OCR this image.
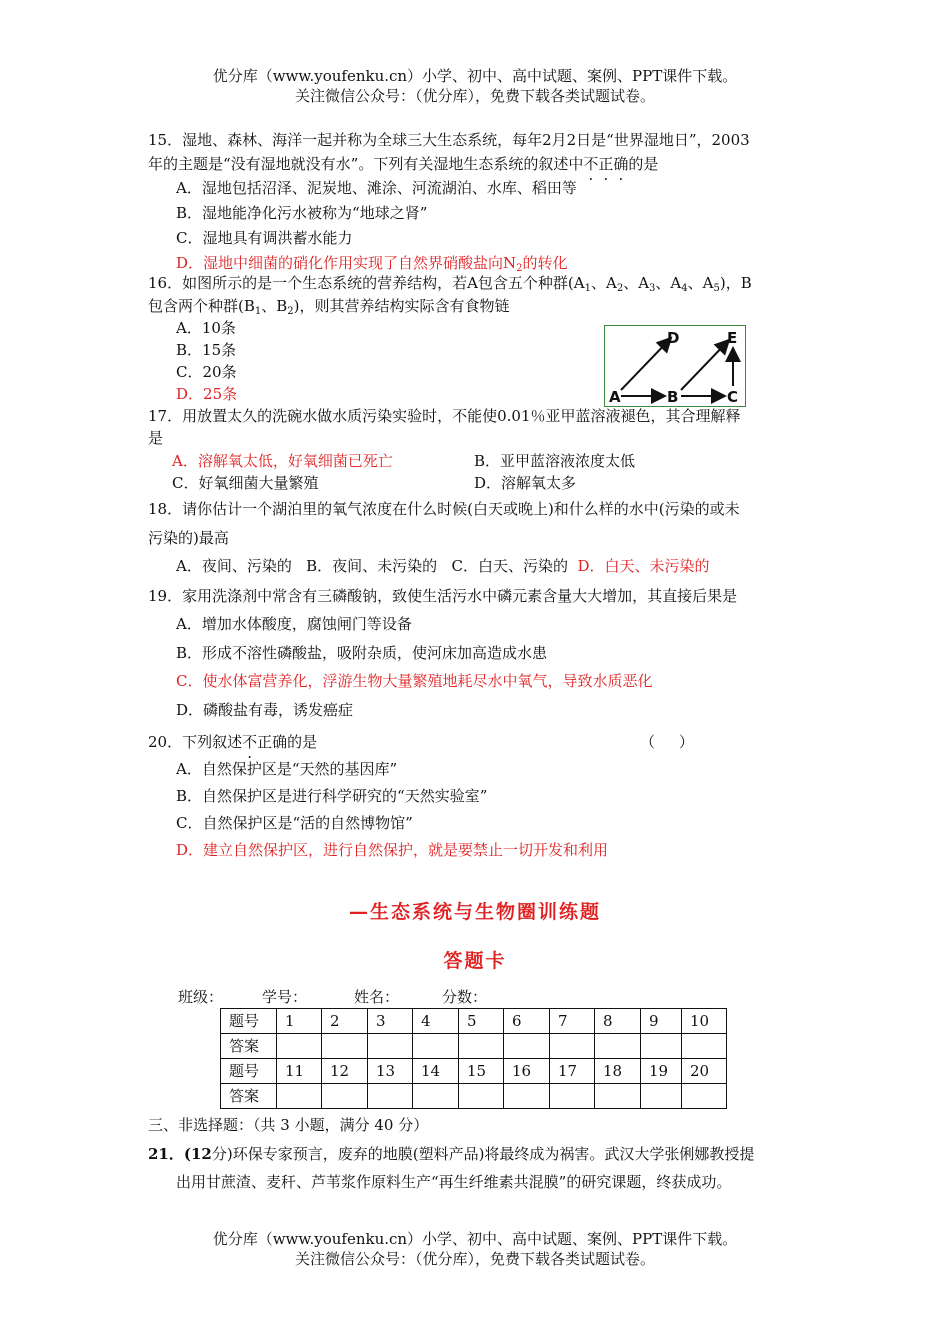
优分库（www.youfenku.cn）小学、初中、高中试题、案例、PPT课件下载。
关注微信公众号：（优分库），免费下载各类试题试卷。
15．湿地、森林、海洋一起并称为全球三大生态系统，每年2月2日是“世界湿地日”，2003
年的主题是“没有湿地就没有水”。下列有关湿地生态系统的叙述中不正确的是
A．湿地包括沼泽、泥炭地、滩涂、河流湖泊、水库、稻田等
B．湿地能净化污水被称为“地球之肾”
C．湿地具有调洪蓄水能力
D．湿地中细菌的硝化作用实现了自然界硝酸盐向$N_2$的转化
16．如图所示的是一个生态系统的营养结构，若A包含五个种群($A_1$、$A_2$、$A_3$、$A_4$、$A_5$)，B
包含两个种群($B_1$、$B_2$)，则其营养结构实际含有食物链
A．10条
B．15条
C．20条
D．25条	A	B	C
D	E
17．用放置太久的洗碗水做水质污染实验时，不能使0.01％亚甲蓝溶液褪色，其合理解释
是
A．溶解氧太低，好氧细菌已死亡	B．亚甲蓝溶液浓度太低
C．好氧细菌大量繁殖	D．溶解氧太多
18．请你估计一个湖泊里的氧气浓度在什么时候(白天或晚上)和什么样的水中(污染的或未
污染的)最高
A．夜间、污染的   B．夜间、未污染的   C．白天、污染的 D．白天、未污染的
19．家用洗涤剂中常含有三磷酸钠，致使生活污水中磷元素含量大大增加，其直接后果是
A．增加水体酸度，腐蚀闸门等设备
B．形成不溶性磷酸盐，吸附杂质，使河床加高造成水患
C．使水体富营养化，浮游生物大量繁殖地耗尽水中氧气，导致水质恶化
D．磷酸盐有毒，诱发癌症
20．下列叙述不正确的是	（     ）
A．自然保护区是“天然的基因库”
B．自然保护区是进行科学研究的“天然实验室”
C．自然保护区是“活的自然博物馆”
D．建立自然保护区，进行自然保护，就是要禁止一切开发和利用
—生态系统与生物圈训练题
答题卡
班级：	学号：	姓名：	分数：
题号	1	2	3	4	5	6	7	8	9	10
答案										
题号	11	12	13	14	15	16	17	18	19	20
答案										
三、非选择题：（共 3 小题，满分 40 分）
21．(12分)环保专家预言，废弃的地膜(塑料产品)将最终成为祸害。武汉大学张俐娜教授提
出用甘蔗渣、麦秆、芦苇浆作原料生产“再生纤维素共混膜”的研究课题，终获成功。
优分库（www.youfenku.cn）小学、初中、高中试题、案例、PPT课件下载。
关注微信公众号：（优分库），免费下载各类试题试卷。
